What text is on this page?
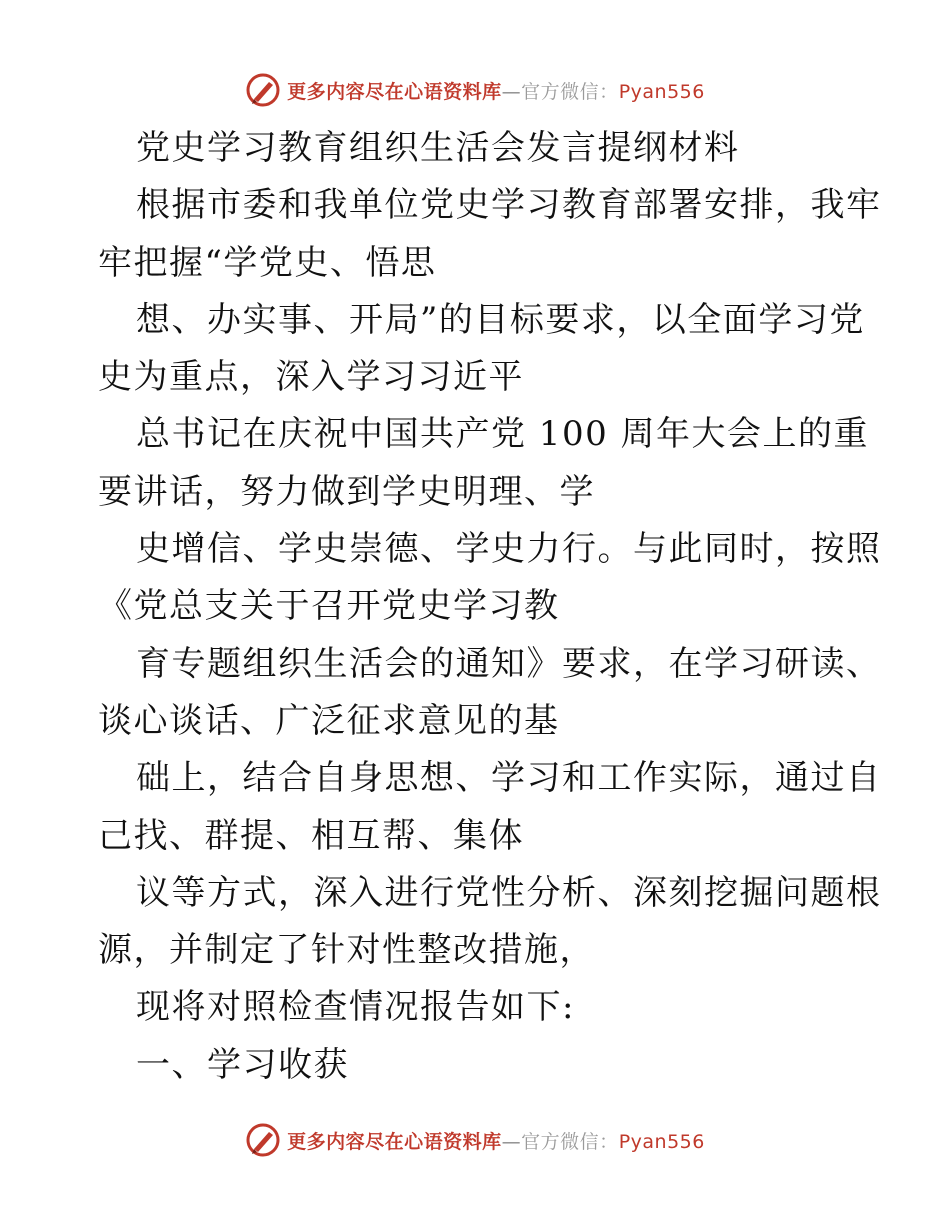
更多内容尽在心语资料库—官方微信：Pyan556
党史学习教育组织生活会发言提纲材料
根据市委和我单位党史学习教育部署安排，我牢
牢把握“学党史、悟思
想、办实事、开局”的目标要求，以全面学习党
史为重点，深入学习习近平
总书记在庆祝中国共产党 100 周年大会上的重
要讲话，努力做到学史明理、学
史增信、学史崇德、学史力行。与此同时，按照
《党总支关于召开党史学习教
育专题组织生活会的通知》要求，在学习研读、
谈心谈话、广泛征求意见的基
础上，结合自身思想、学习和工作实际，通过自
己找、群提、相互帮、集体
议等方式，深入进行党性分析、深刻挖掘问题根
源，并制定了针对性整改措施，
现将对照检查情况报告如下:
一、学习收获
更多内容尽在心语资料库—官方微信：Pyan556
